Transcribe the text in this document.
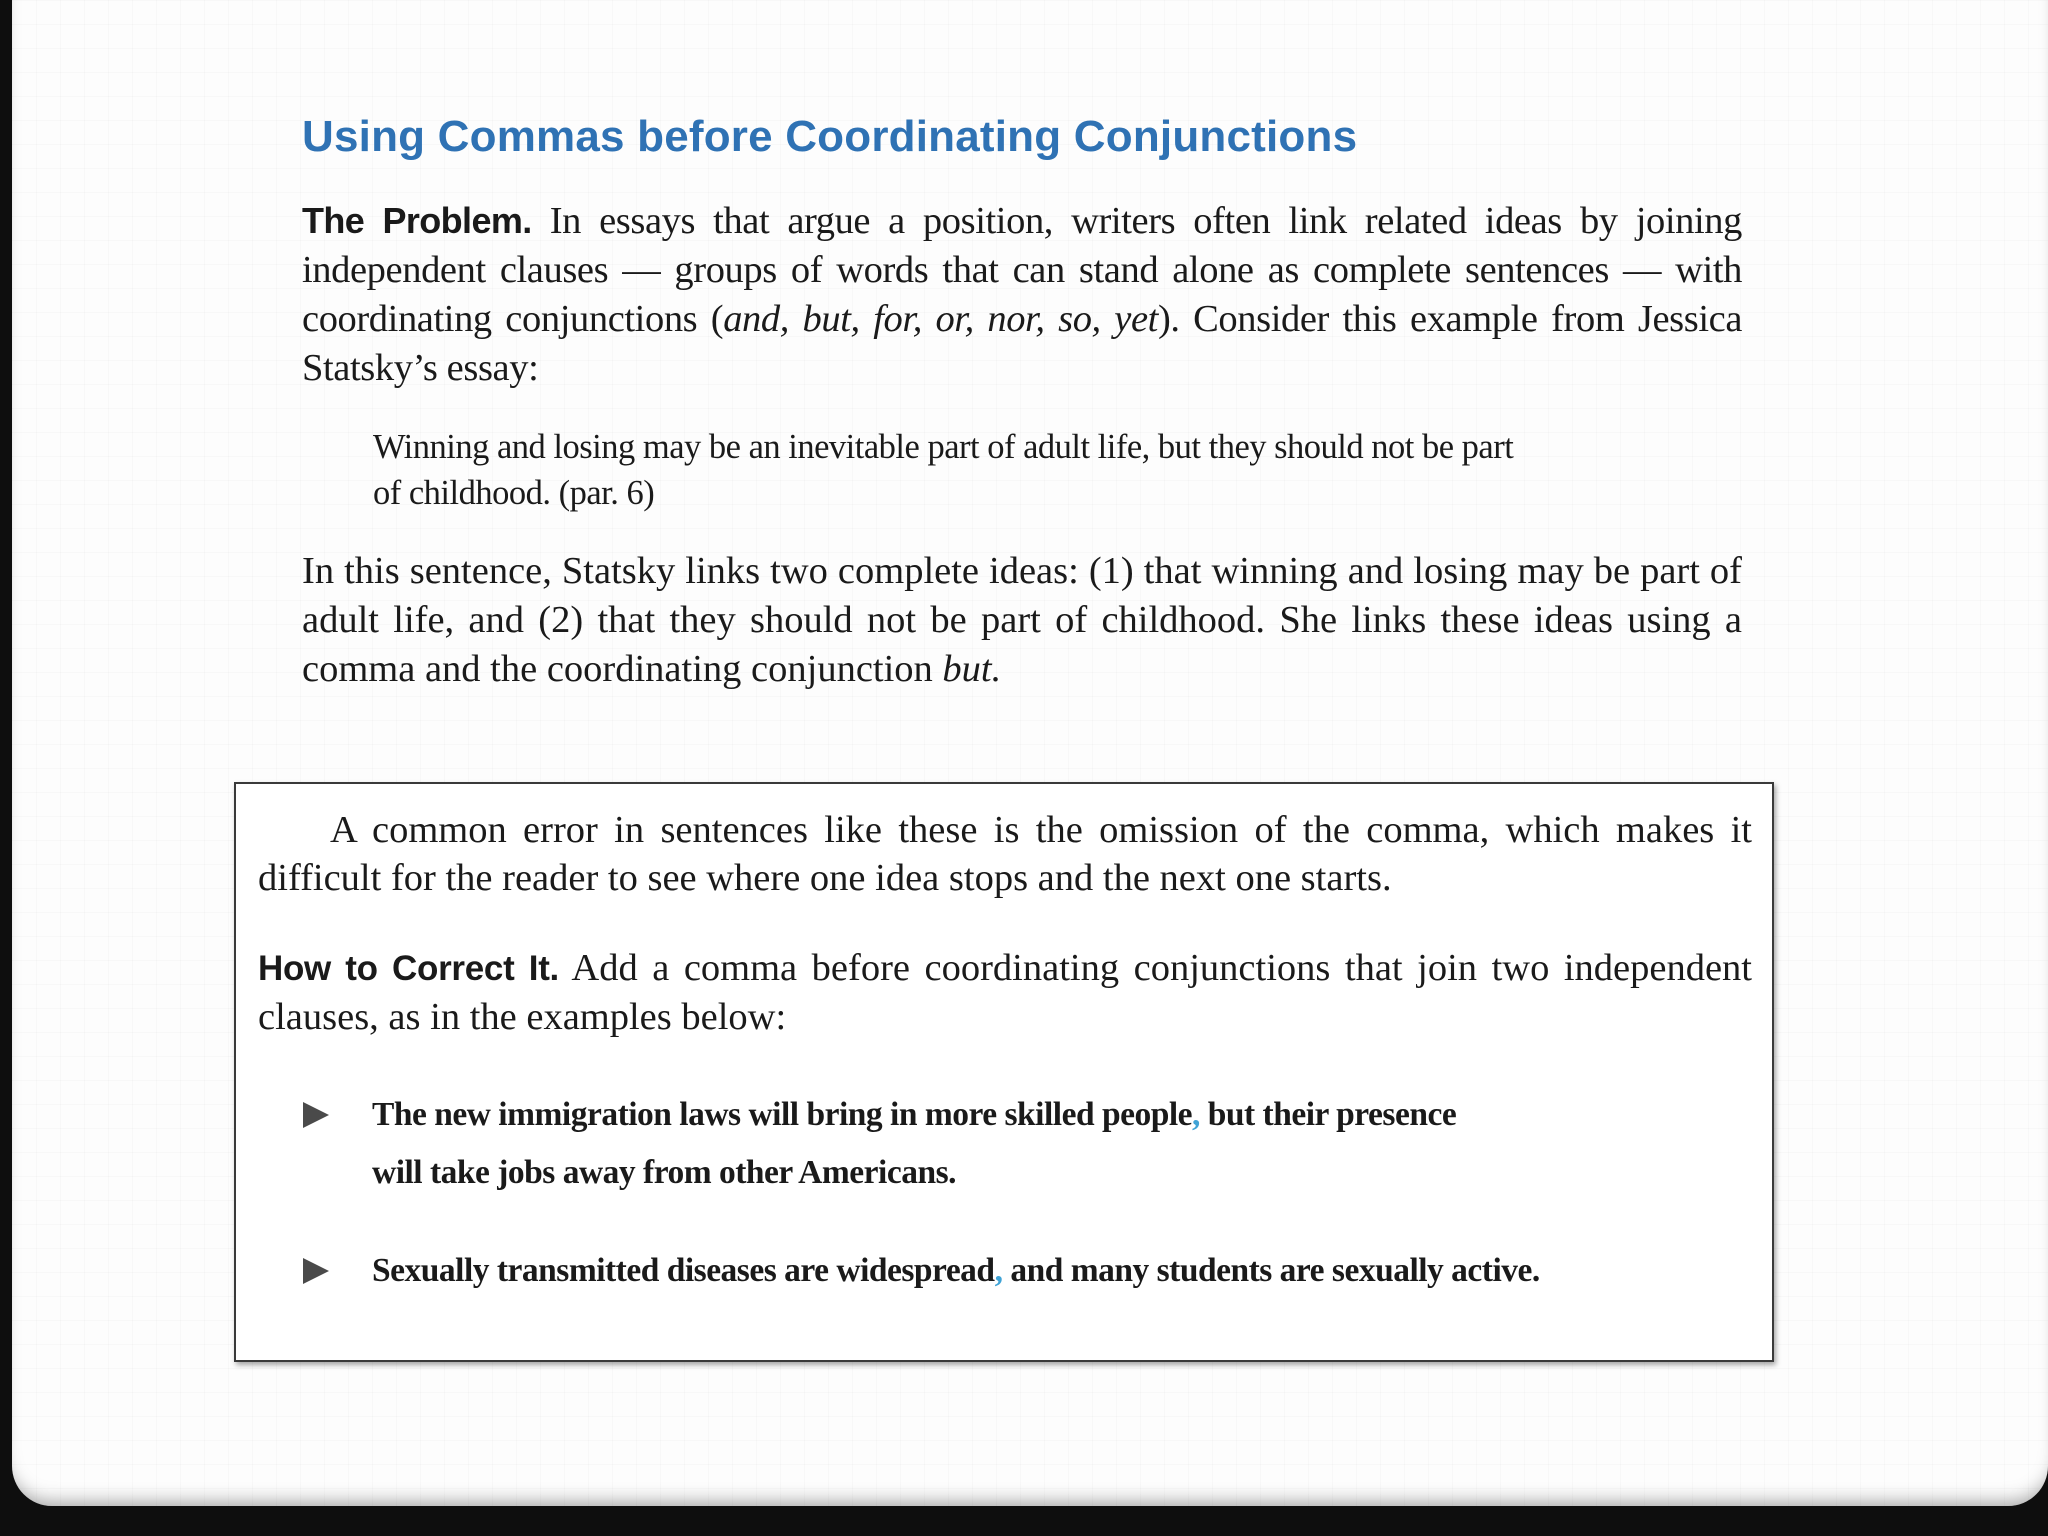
Using Commas before Coordinating Conjunctions

The Problem. In essays that argue a position, writers often link related ideas by joining independent clauses — groups of words that can stand alone as complete sentences — with coordinating conjunctions (and, but, for, or, nor, so, yet). Consider this example from Jessica Statsky’s essay:

Winning and losing may be an inevitable part of adult life, but they should not be part
of childhood. (par. 6)

In this sentence, Statsky links two complete ideas: (1) that winning and losing may be part of adult life, and (2) that they should not be part of childhood. She links these ideas using a comma and the coordinating conjunction but.

A common error in sentences like these is the omission of the comma, which makes it difficult for the reader to see where one idea stops and the next one starts.

How to Correct It. Add a comma before coordinating conjunctions that join two independent clauses, as in the examples below:

The new immigration laws will bring in more skilled people, but their presence
will take jobs away from other Americans.
Sexually transmitted diseases are widespread, and many students are sexually active.
